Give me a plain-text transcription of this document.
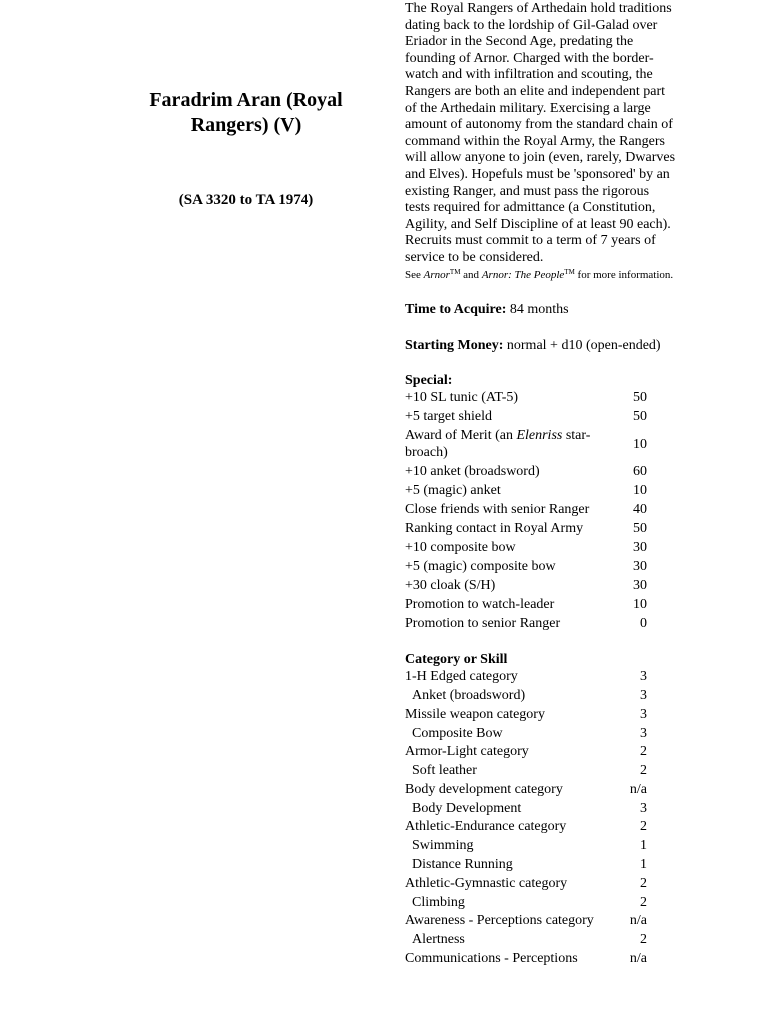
Faradrim Aran (Royal Rangers) (V)
(SA 3320 to TA 1974)

The Royal Rangers of Arthedain hold traditions dating back to the lordship of Gil-Galad over Eriador in the Second Age, predating the founding of Arnor. Charged with the border-watch and with infiltration and scouting, the Rangers are both an elite and independent part of the Arthedain military. Exercising a large amount of autonomy from the standard chain of command within the Royal Army, the Rangers will allow anyone to join (even, rarely, Dwarves and Elves). Hopefuls must be 'sponsored' by an existing Ranger, and must pass the rigorous tests required for admittance (a Constitution, Agility, and Self Discipline of at least 90 each). Recruits must commit to a term of 7 years of service to be considered.

See Arnor™ and Arnor: The People™ for more information.

Time to Acquire: 84 months

Starting Money: normal + d10 (open-ended)

Special:
+10 SL tunic (AT-5)	50
+5 target shield	50
Award of Merit (an Elenriss star-broach)	10
+10 anket (broadsword)	60
+5 (magic) anket	10
Close friends with senior Ranger	40
Ranking contact in Royal Army	50
+10 composite bow	30
+5 (magic) composite bow	30
+30 cloak (S/H)	30
Promotion to watch-leader	10
Promotion to senior Ranger	0
Category or Skill
1-H Edged category	3
Anket (broadsword)	3
Missile weapon category	3
Composite Bow	3
Armor-Light category	2
Soft leather	2
Body development category	n/a
Body Development	3
Athletic-Endurance category	2
Swimming	1
Distance Running	1
Athletic-Gymnastic category	2
Climbing	2
Awareness - Perceptions category	n/a
Alertness	2
Communications - Perceptions	n/a
